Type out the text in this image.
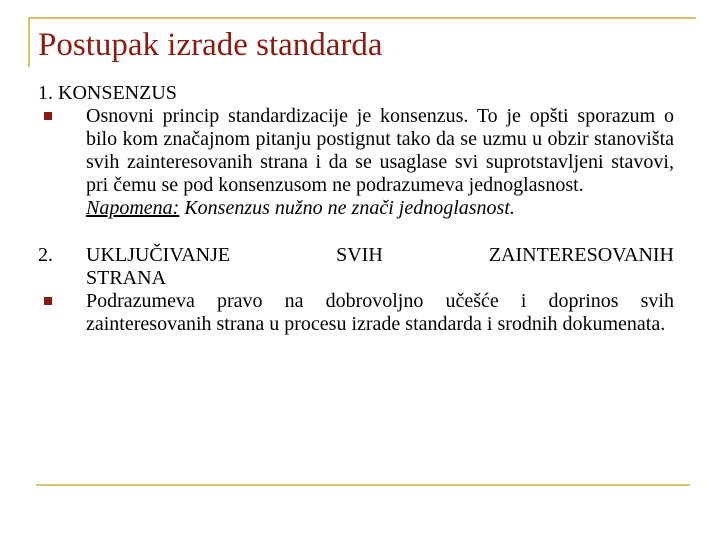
Postupak izrade standarda
1. KONSENZUS
Osnovni princip standardizacije je konsenzus. To je opšti sporazum o bilo kom značajnom pitanju postignut tako da se uzmu u obzir stanovišta svih zainteresovanih strana i da se usaglase svi suprotstavljeni stavovi, pri čemu se pod konsenzusom ne podrazumeva jednoglasnost.
Napomena: Konsenzus nužno ne znači jednoglasnost.
2. UKLJUČIVANJE SVIH ZAINTERESOVANIH
STRANA
Podrazumeva pravo na dobrovoljno učešće i doprinos svih zainteresovanih strana u procesu izrade standarda i srodnih dokumenata.
